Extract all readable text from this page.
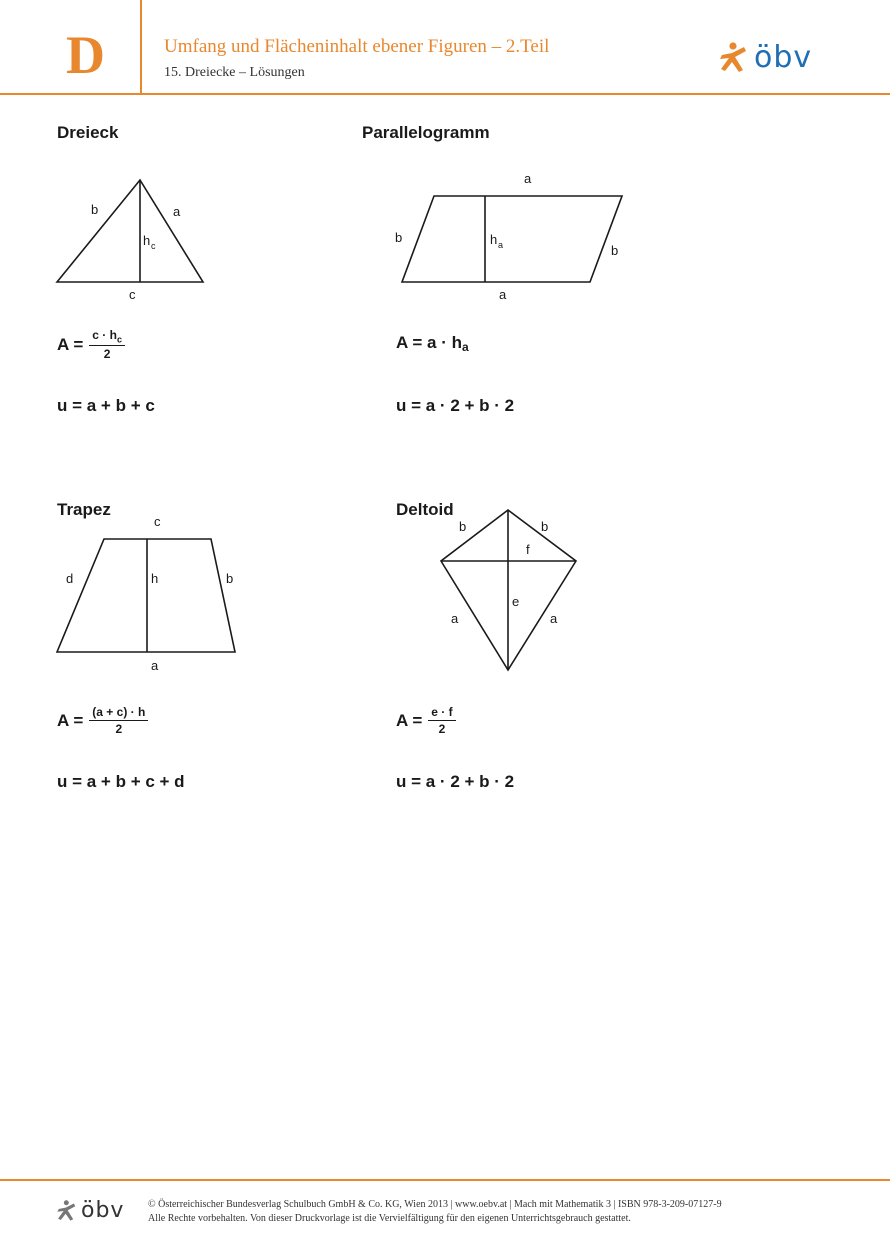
D	Umfang und Flächeninhalt ebener Figuren – 2.Teil
15. Dreiecke – Lösungen	öbv
b	a
c
h c
a
a
b
b
h a
c
d	h	b
a
b	b
f
e
a	a
Dreieck
$A = \frac{c \cdot h_c}{2}$
u = a + b + c
Parallelogramm
$A = a \cdot h_a$
u = a · 2 + b · 2
Trapez
$A = \frac{(a + c) \cdot h}{2}$
u = a + b + c + d
Deltoid
$A = \frac{e \cdot f}{2}$
u = a · 2 + b · 2
öbv © Österreichischer Bundesverlag Schulbuch GmbH & Co. KG, Wien 2013 | www.oebv.at | Mach mit Mathematik 3 | ISBN 978-3-209-07127-9
Alle Rechte vorbehalten. Von dieser Druckvorlage ist die Vervielfältigung für den eigenen Unterrichtsgebrauch gestattet.
